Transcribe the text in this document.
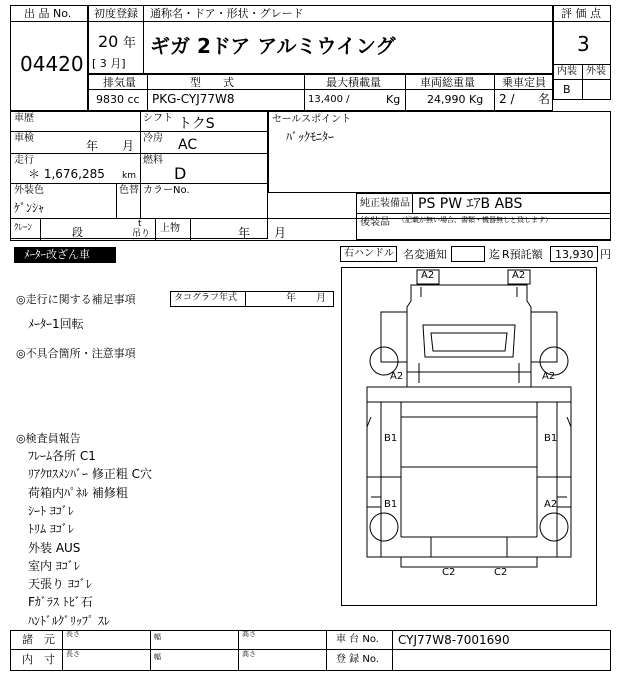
出 品 No.
04420
初度登録 通称名・ドア・形状・グレード
20 年
[ 3 月]
ギガ 2ドア アルミウイング
評 価 点
3
内装 外装
B
排気量	型　　式	最大積載量	車両総重量 乗車定員
9830 cc PKG-CYJ77W8	13,400 /	Kg 24,990 Kg 2 / 名
車歴	シフト トクS
車検
年　　月
冷房 AC
走行
＊ 1,676,285 km
燃料
D
外装色
ｹﾞﾝｼｬ
色替 カラーNo.
ｸﾚｰﾝ	段
t
吊り 上物	年　　月
セールスポイント
ﾊﾞｯｸﾓﾆﾀｰ
純正装備品 PS PW ｴｱB ABS
後装品 （記載が無い場合、書類・機器無しと致します）
ﾒｰﾀｰ改ざん車	右ハンドル 名変通知	迄 R預託額 13,930 円
◎走行に関する補足事項	タコグラフ年式	年　　月
ﾒｰﾀｰ1回転
◎不具合箇所・注意事項
◎検査員報告
ﾌﾚｰﾑ各所 C1
ﾘｱｸﾛｽﾒﾝﾊﾞｰ 修正粗 C穴
荷箱内ﾊﾟﾈﾙ 補修粗
ｼｰﾄ ﾖｺﾞﾚ
ﾄﾘﾑ ﾖｺﾞﾚ
外装 AUS
室内 ﾖｺﾞﾚ
天張り ﾖｺﾞﾚ
Fｶﾞﾗｽ ﾄﾋﾞ石
ﾊﾝﾄﾞﾙｸﾞﾘｯﾌﾟ ｽﾚ
A2	A2
A2	A2
B1	B1
B1	A2
C2	C2
諸　元
内　寸
長さ	幅	高さ
長さ	幅	高さ
車 台 No. CYJ77W8-7001690
登 録 No.
